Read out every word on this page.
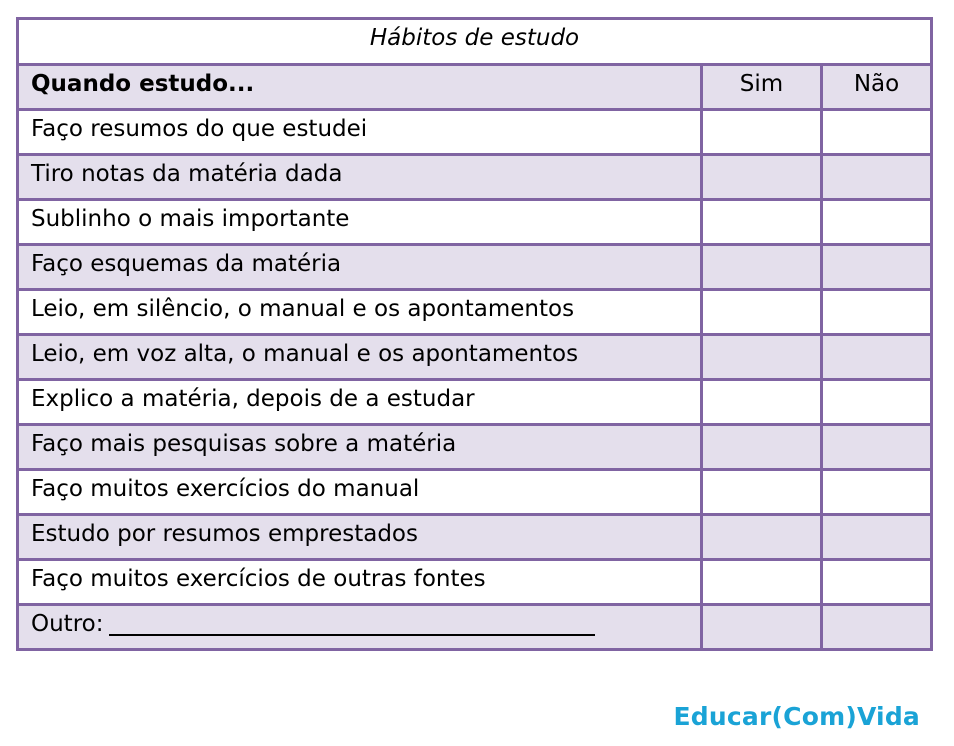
Hábitos de estudo		
Quando estudo...	Sim	Não
Faço resumos do que estudei		
Tiro notas da matéria dada		
Sublinho o mais importante		
Faço esquemas da matéria		
Leio, em silêncio, o manual e os apontamentos		
Leio, em voz alta, o manual e os apontamentos		
Explico a matéria, depois de a estudar		
Faço mais pesquisas sobre a matéria		
Faço muitos exercícios do manual		
Estudo por resumos emprestados		
Faço muitos exercícios de outras fontes		
Outro:		
Educar(Com)Vida
